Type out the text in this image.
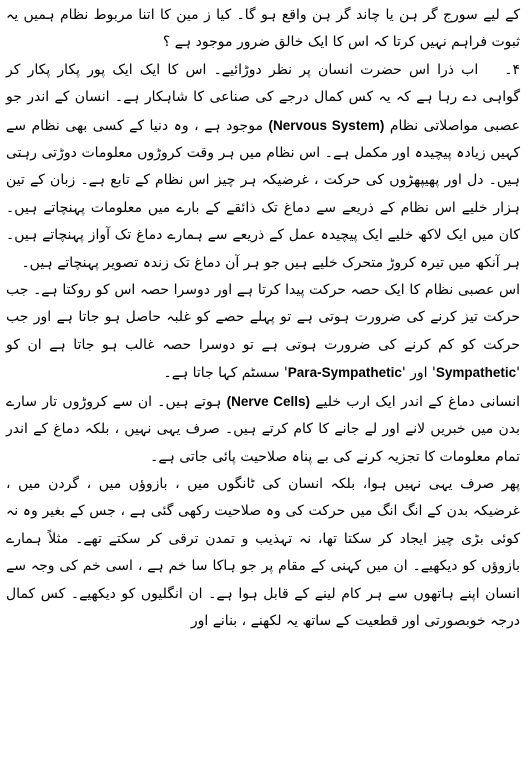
کے لیے سورج گر ہن یا چاند گر ہن واقع ہو گا۔ کیا ز مین کا اتنا مربوط نظام ہمیں یہ ثبوت فراہم نہیں کرتا کہ اس کا ایک خالق ضرور موجود ہے ؟

۴۔اب ذرا اس حضرت انسان پر نظر دوڑائیے۔ اس کا ایک ایک پور پکار پکار کر گواہی دے رہا ہے کہ یہ کس کمال درجے کی صناعی کا شاہکار ہے۔ انسان کے اندر جو عصبی مواصلاتی نظام (Nervous System) موجود ہے ، وہ دنیا کے کسی بھی نظام سے کہیں زیادہ پیچیدہ اور مکمل ہے۔ اس نظام میں ہر وقت کروڑوں معلومات دوڑتی رہتی ہیں۔ دل اور پھیپھڑوں کی حرکت ، غرضیکہ ہر چیز اس نظام کے تابع ہے۔ زبان کے تین ہزار خلیے اس نظام کے ذریعے سے دماغ تک ذائقے کے بارے میں معلومات پہنچاتے ہیں۔ کان میں ایک لاکھ خلیے ایک پیچیدہ عمل کے ذریعے سے ہمارے دماغ تک آواز پہنچاتے ہیں۔ ہر آنکھ میں تیرہ کروڑ متحرک خلیے ہیں جو ہر آن دماغ تک زندہ تصویر پہنچاتے ہیں۔

اس عصبی نظام کا ایک حصہ حرکت پیدا کرتا ہے اور دوسرا حصہ اس کو روکتا ہے۔ جب حرکت تیز کرنے کی ضرورت ہوتی ہے تو پہلے حصے کو غلبہ حاصل ہو جاتا ہے اور جب حرکت کو کم کرنے کی ضرورت ہوتی ہے تو دوسرا حصہ غالب ہو جاتا ہے ان کو 'Sympathetic' اور 'Para-Sympathetic' سسٹم کہا جاتا ہے۔

انسانی دماغ کے اندر ایک ارب خلیے (Nerve Cells) ہوتے ہیں۔ ان سے کروڑوں تار سارے بدن میں خبریں لانے اور لے جانے کا کام کرتے ہیں۔ صرف یہی نہیں ، بلکہ دماغ کے اندر تمام معلومات کا تجزیہ کرنے کی بے پناہ صلاحیت پائی جاتی ہے۔

پھر صرف یہی نہیں ہوا، بلکہ انسان کی ٹانگوں میں ، بازوؤں میں ، گردن میں ، غرضیکہ بدن کے انگ انگ میں حرکت کی وہ صلاحیت رکھی گئی ہے ، جس کے بغیر وہ نہ کوئی بڑی چیز ایجاد کر سکتا تھا، نہ تہذیب و تمدن ترقی کر سکتے تھے۔ مثلاً ہمارے بازوؤں کو دیکھیے۔ ان میں کہنی کے مقام پر جو ہاکا سا خم ہے ، اسی خم کی وجہ سے انسان اپنے ہاتھوں سے ہر کام لینے کے قابل ہوا ہے۔ ان انگلیوں کو دیکھیے۔ کس کمال درجہ خوبصورتی اور قطعیت کے ساتھ یہ لکھنے ، بنانے اور
